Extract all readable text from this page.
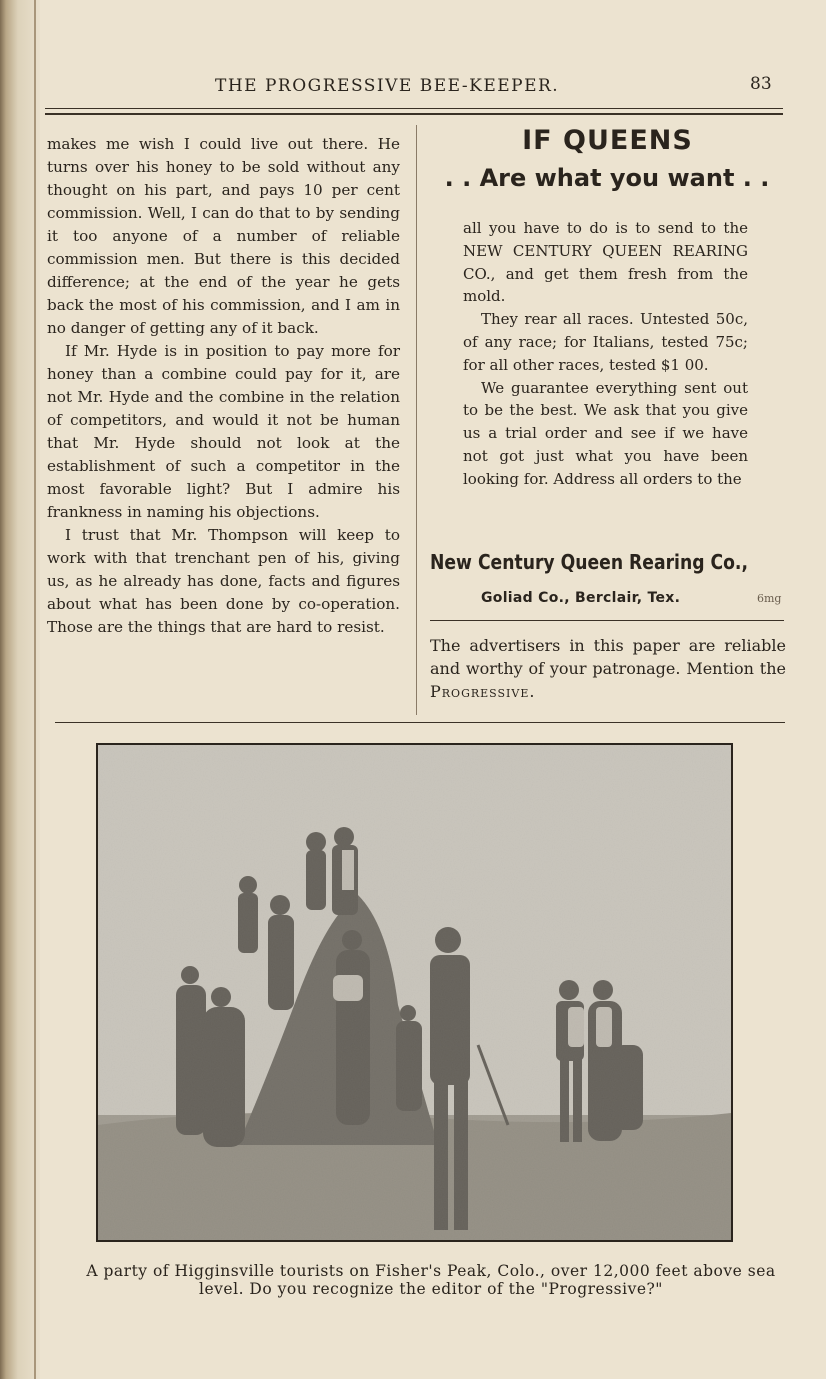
THE PROGRESSIVE BEE-KEEPER.	83

makes me wish I could live out there. He turns over his honey to be sold without any thought on his part, and pays 10 per cent commission. Well, I can do that to by sending it too anyone of a number of reliable commission men. But there is this decided difference; at the end of the year he gets back the most of his commission, and I am in no danger of getting any of it back.

If Mr. Hyde is in position to pay more for honey than a combine could pay for it, are not Mr. Hyde and the combine in the relation of competitors, and would it not be human that Mr. Hyde should not look at the establishment of such a competitor in the most favorable light? But I admire his frankness in naming his objections.

I trust that Mr. Thompson will keep to work with that trenchant pen of his, giving us, as he already has done, facts and figures about what has been done by co-operation. Those are the things that are hard to resist.

IF QUEENS
. . Are what you want . .

all you have to do is to send to the NEW CENTURY QUEEN REARING CO., and get them fresh from the mold.

They rear all races. Untested 50c, of any race; for Italians, tested 75c; for all other races, tested $1 00.

We guarantee everything sent out to be the best. We ask that you give us a trial order and see if we have not got just what you have been looking for. Address all orders to the

New Century Queen Rearing Co.,
Goliad Co., Berclair, Tex.	6mg
The advertisers in this paper are reliable and worthy of your patronage. Mention the Progressive.
A party of Higginsville tourists on Fisher's Peak, Colo., over 12,000 feet above sea level. Do you recognize the editor of the "Progressive?"
